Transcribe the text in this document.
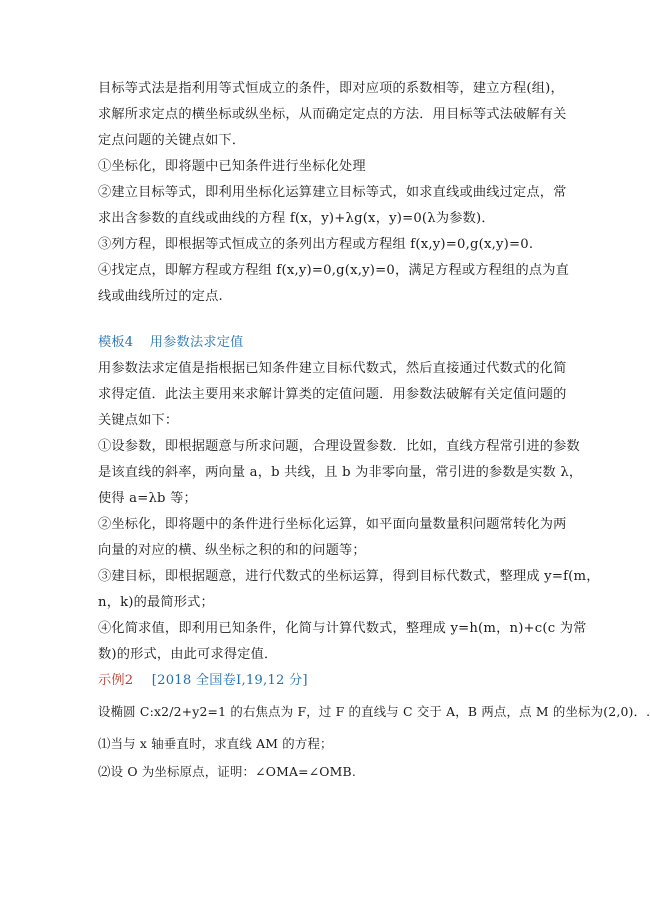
目标等式法是指利用等式恒成立的条件，即对应项的系数相等，建立方程(组)，
求解所求定点的横坐标或纵坐标，从而确定定点的方法．用目标等式法破解有关
定点问题的关键点如下．
①坐标化，即将题中已知条件进行坐标化处理
②建立目标等式，即利用坐标化运算建立目标等式，如求直线或曲线过定点，常
求出含参数的直线或曲线的方程 f(x，y)+λg(x，y)=0(λ为参数)．
③列方程，即根据等式恒成立的条列出方程或方程组 f(x,y)=0,g(x,y)=0.
④找定点，即解方程或方程组 f(x,y)=0,g(x,y)=0，满足方程或方程组的点为直
线或曲线所过的定点.
模板4 用参数法求定值
用参数法求定值是指根据已知条件建立目标代数式，然后直接通过代数式的化简
求得定值．此法主要用来求解计算类的定值问题．用参数法破解有关定值问题的
关键点如下：
①设参数，即根据题意与所求问题，合理设置参数．比如，直线方程常引进的参数
是该直线的斜率，两向量 a，b 共线，且 b 为非零向量，常引进的参数是实数 λ，
使得 a=λb 等；
②坐标化，即将题中的条件进行坐标化运算，如平面向量数量积问题常转化为两
向量的对应的横、纵坐标之积的和的问题等；
③建目标，即根据题意，进行代数式的坐标运算，得到目标代数式，整理成 y=f(m，
n，k)的最简形式；
④化简求值，即利用已知条件，化简与计算代数式，整理成 y=h(m，n)+c(c 为常
数)的形式，由此可求得定值．
示例2 [2018 全国卷Ⅰ,19,12 分]
设椭圆 C:x2/2+y2=1 的右焦点为 F，过 F 的直线与 C 交于 A，B 两点，点 M 的坐标为(2,0)．.
⑴当与 x 轴垂直时，求直线 AM 的方程；
⑵设 O 为坐标原点，证明：∠OMA=∠OMB.
